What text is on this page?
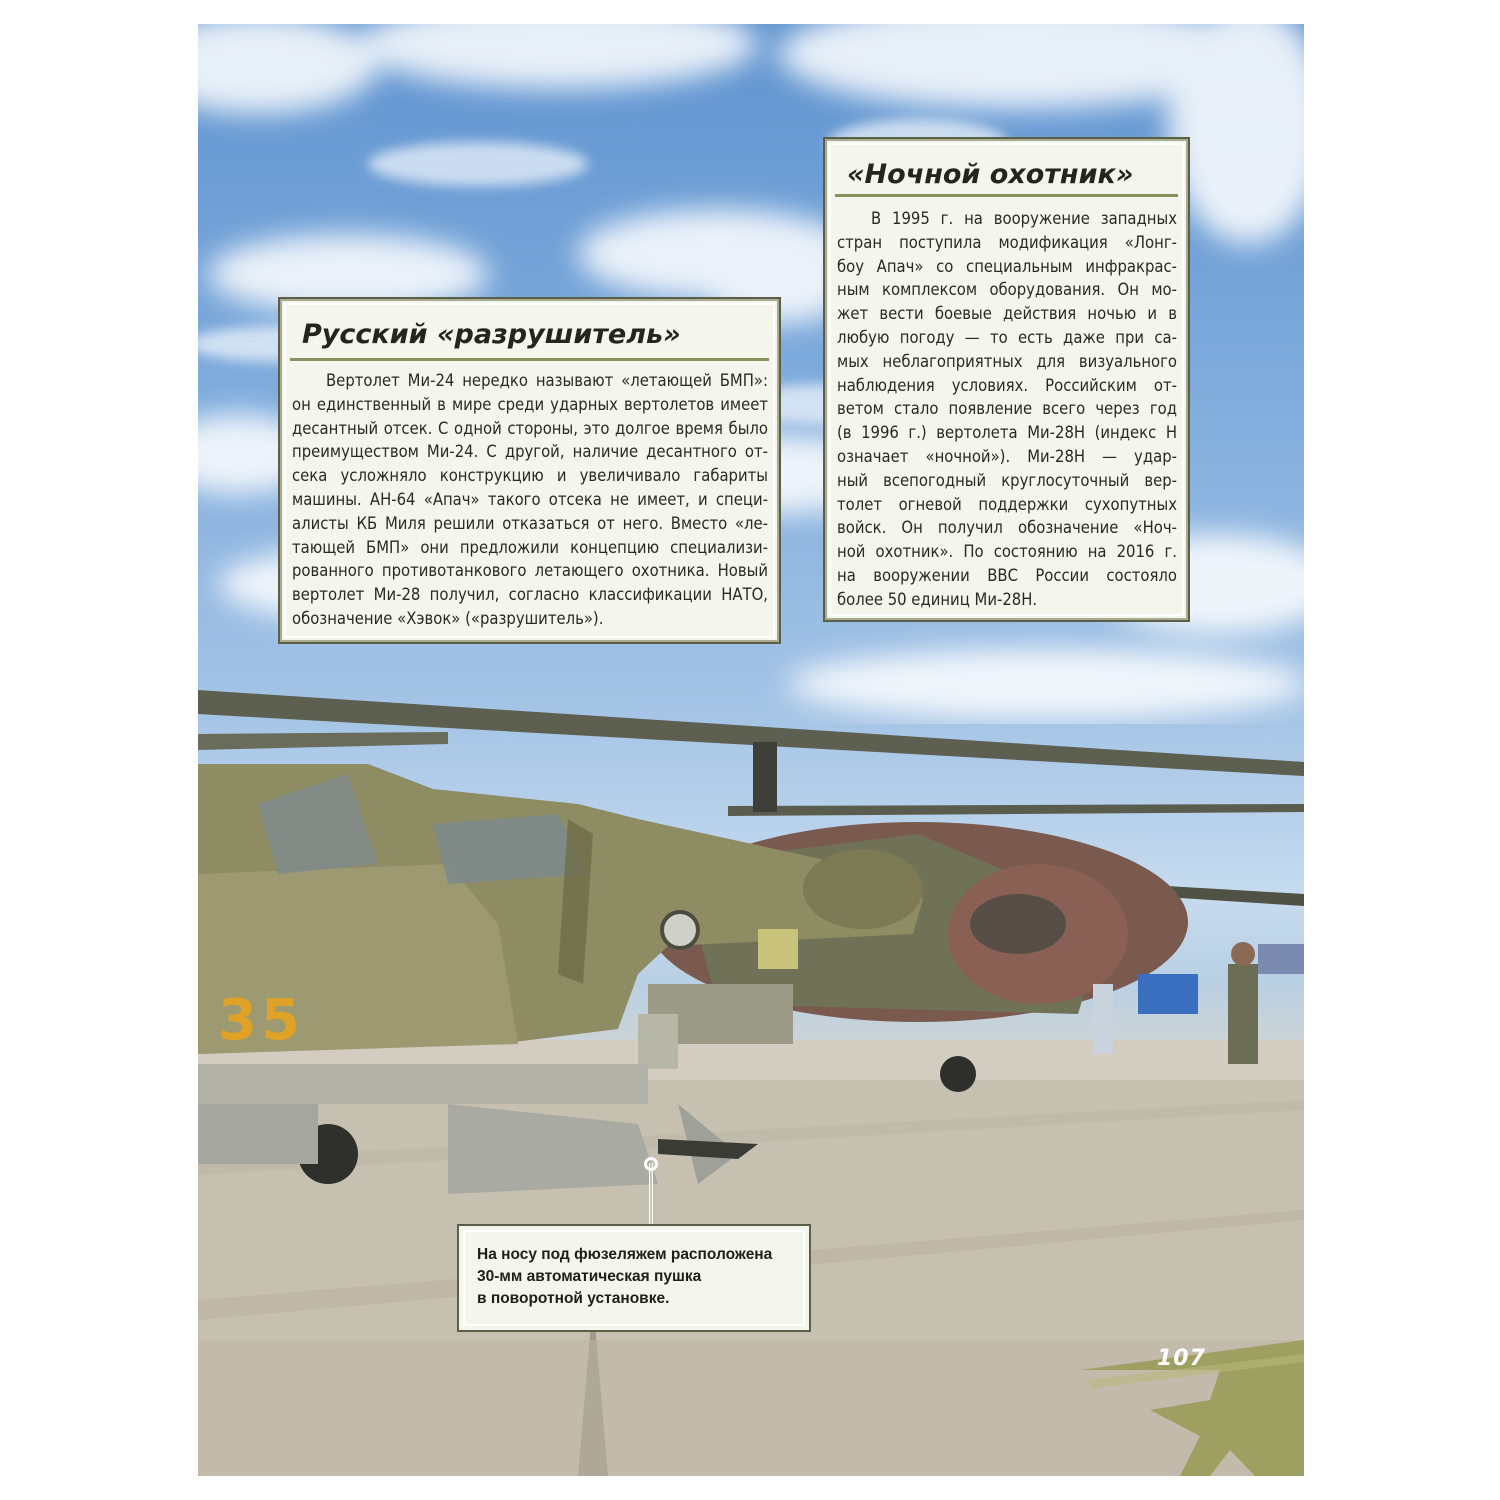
35
Русский «разрушитель»
Вертолет Ми-24 нередко называют «летающей БМП»:
он единственный в мире среди ударных вертолетов имеет
десантный отсек. С одной стороны, это долгое время было
преимуществом Ми-24. С другой, наличие десантного от-
сека усложняло конструкцию и увеличивало габариты
машины. АН-64 «Апач» такого отсека не имеет, и специ-
алисты КБ Миля решили отказаться от него. Вместо «ле-
тающей БМП» они предложили концепцию специализи-
рованного противотанкового летающего охотника. Новый
вертолет Ми-28 получил, согласно классификации НАТО,
обозначение «Хэвок» («разрушитель»).
«Ночной охотник»
В 1995 г. на вооружение западных
стран поступила модификация «Лонг-
боу Апач» со специальным инфракрас-
ным комплексом оборудования. Он мо-
жет вести боевые действия ночью и в
любую погоду — то есть даже при са-
мых неблагоприятных для визуального
наблюдения условиях. Российским от-
ветом стало появление всего через год
(в 1996 г.) вертолета Ми-28Н (индекс Н
означает «ночной»). Ми-28Н — удар-
ный всепогодный круглосуточный вер-
толет огневой поддержки сухопутных
войск. Он получил обозначение «Ноч-
ной охотник». По состоянию на 2016 г.
на вооружении ВВС России состояло
более 50 единиц Ми-28Н.
На носу под фюзеляжем расположена
30-мм автоматическая пушка
в поворотной установке.
107
